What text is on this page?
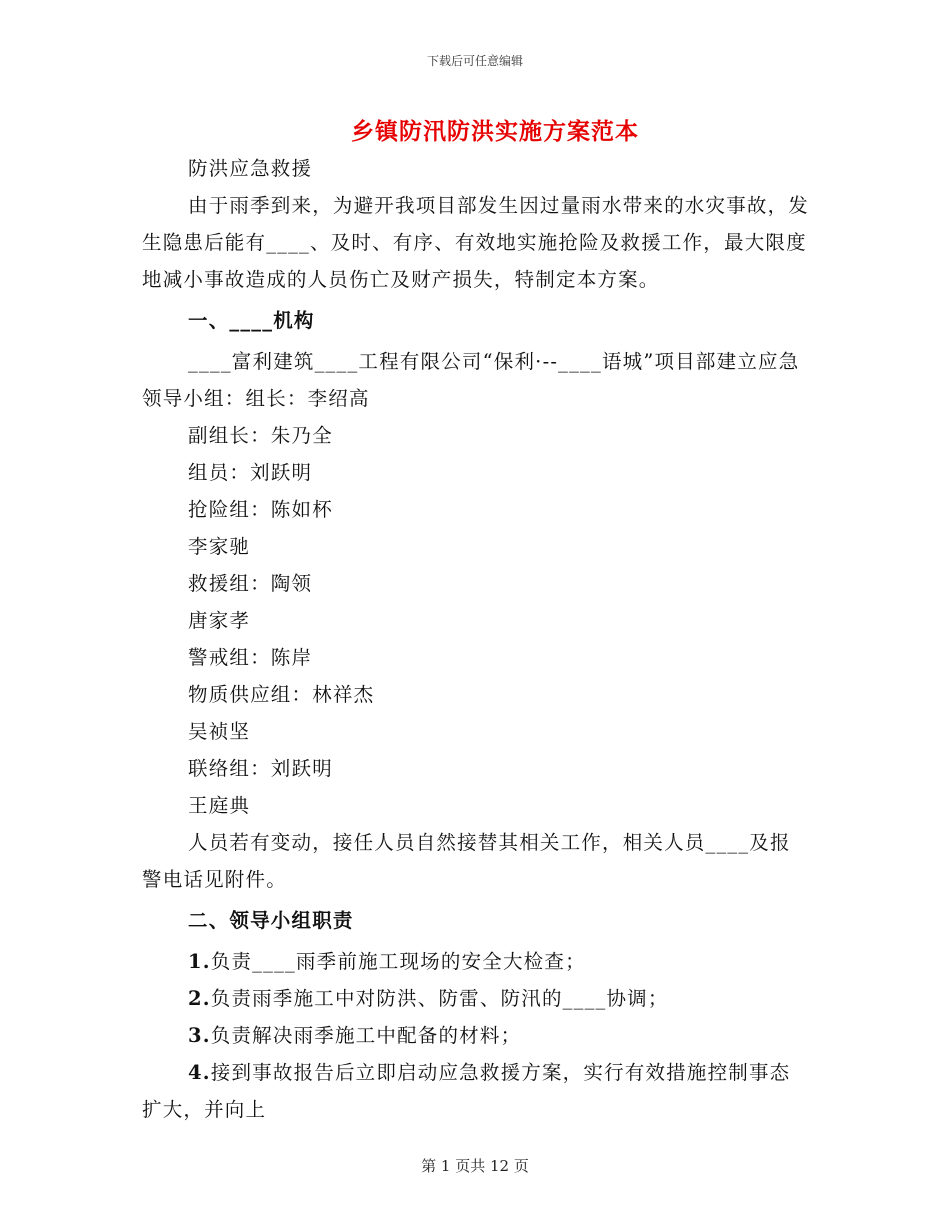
下载后可任意编辑
乡镇防汛防洪实施方案范本

防洪应急救援

由于雨季到来，为避开我项目部发生因过量雨水带来的水灾事故，发生隐患后能有____、及时、有序、有效地实施抢险及救援工作，最大限度地减小事故造成的人员伤亡及财产损失，特制定本方案。

一、____机构

____富利建筑____工程有限公司“保利·--____语城”项目部建立应急领导小组：组长：李绍高

副组长：朱乃全

组员：刘跃明

抢险组：陈如杯

李家驰

救援组：陶领

唐家孝

警戒组：陈岸

物质供应组：林祥杰

吴祯坚

联络组：刘跃明

王庭典

人员若有变动，接任人员自然接替其相关工作，相关人员____及报警电话见附件。

二、领导小组职责

1.负责____雨季前施工现场的安全大检查；

2.负责雨季施工中对防洪、防雷、防汛的____协调；

3.负责解决雨季施工中配备的材料；

4.接到事故报告后立即启动应急救援方案，实行有效措施控制事态扩大，并向上

第 1 页共 12 页
